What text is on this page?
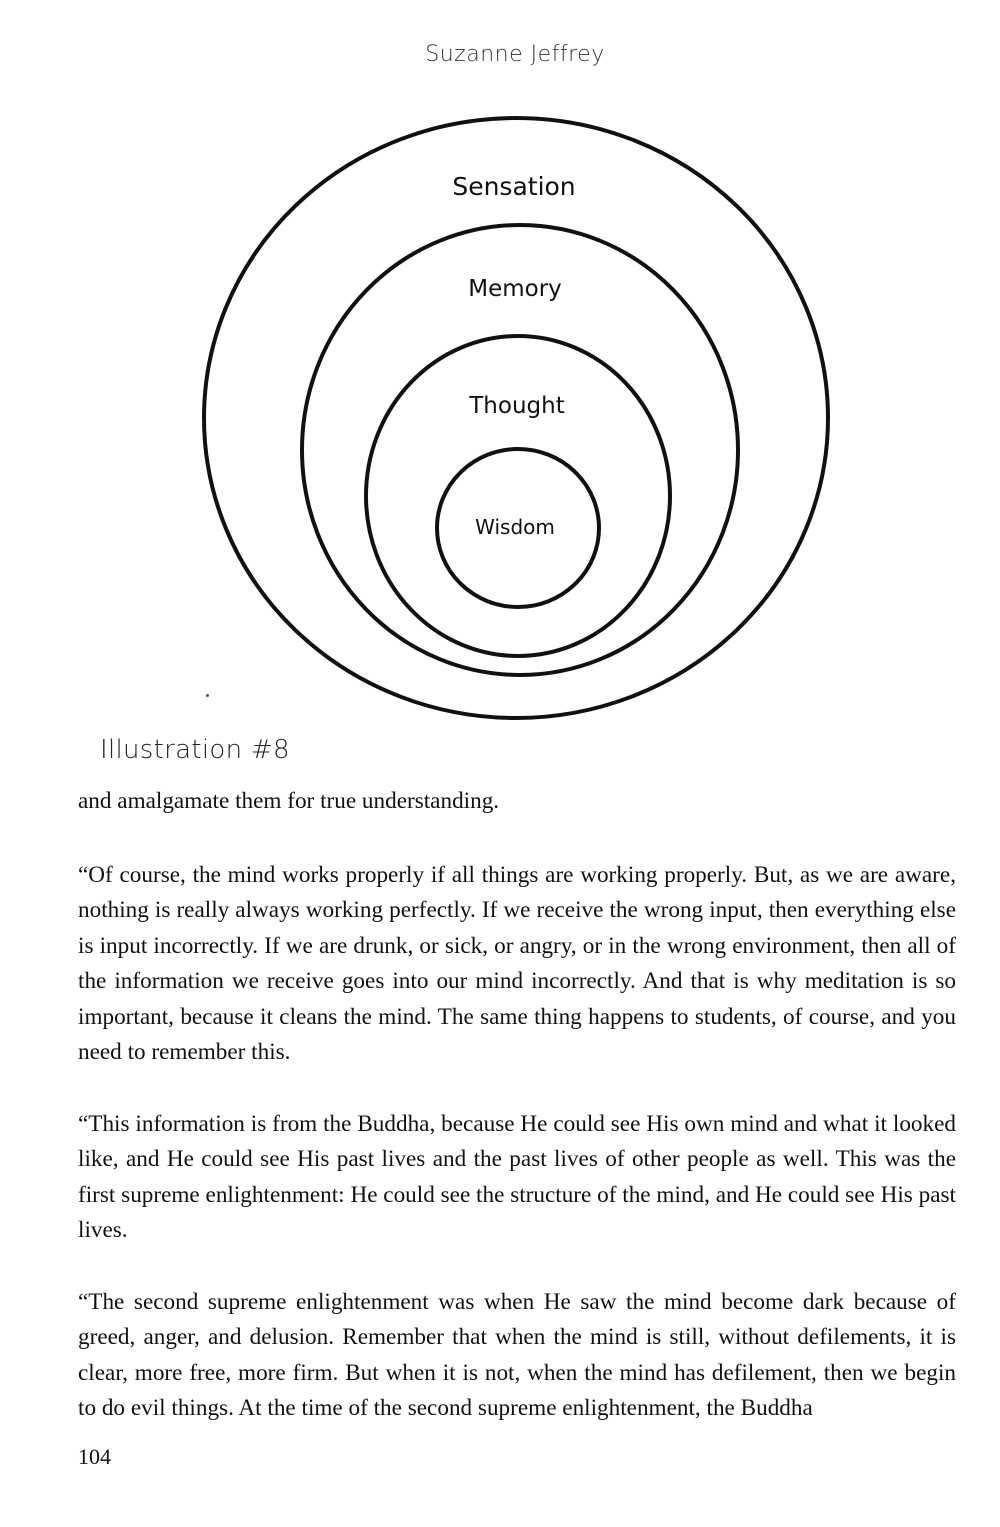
Suzanne Jeffrey
Sensation
Memory
Thought
Wisdom
Illustration #8

and amalgamate them for true understanding.

“Of course, the mind works properly if all things are working properly. But, as we are aware, nothing is really always working perfectly. If we receive the wrong input, then everything else is input incorrectly. If we are drunk, or sick, or angry, or in the wrong environment, then all of the information we receive goes into our mind incorrectly. And that is why meditation is so important, because it cleans the mind. The same thing happens to students, of course, and you need to remember this.

“This information is from the Buddha, because He could see His own mind and what it looked like, and He could see His past lives and the past lives of other people as well. This was the first supreme enlightenment: He could see the structure of the mind, and He could see His past lives.

“The second supreme enlightenment was when He saw the mind become dark because of greed, anger, and delusion. Remember that when the mind is still, without defilements, it is clear, more free, more firm. But when it is not, when the mind has defilement, then we begin to do evil things. At the time of the second supreme enlightenment, the Buddha

104
